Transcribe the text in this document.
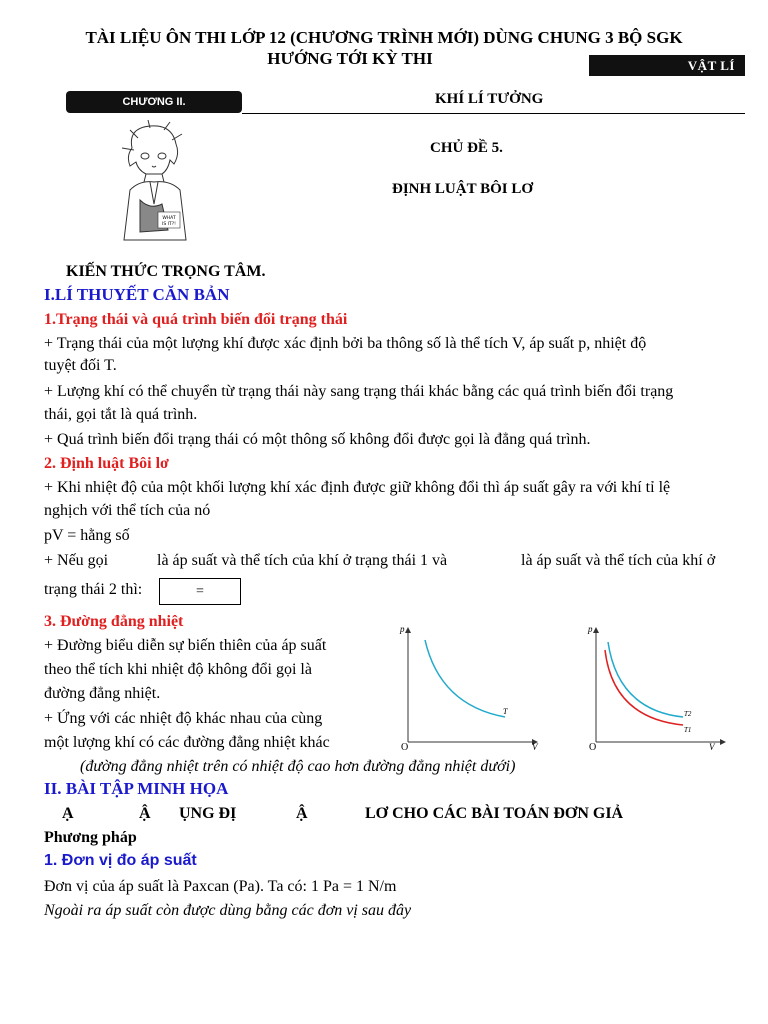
TÀI LIỆU ÔN THI LỚP 12 (CHƯƠNG TRÌNH MỚI) DÙNG CHUNG 3 BỘ SGK
HƯỚNG TỚI KỲ THI	VẬT LÍ
CHƯƠNG II.	KHÍ LÍ TƯỞNG
WHAT
IS IT?!
CHỦ ĐỀ 5.
ĐỊNH LUẬT BÔI LƠ
KIẾN THỨC TRỌNG TÂM.
I.LÍ THUYẾT CĂN BẢN
1.Trạng thái và quá trình biến đổi trạng thái
+ Trạng thái của một lượng khí được xác định bởi ba thông số là thể tích V, áp suất p, nhiệt độ
tuyệt đối T.
+ Lượng khí có thể chuyển từ trạng thái này sang trạng thái khác bằng các quá trình biến đổi trạng
thái, gọi tắt là quá trình.
+ Quá trình biến đổi trạng thái có một thông số không đổi được gọi là đẳng quá trình.
2. Định luật Bôi lơ
+ Khi nhiệt độ của một khối lượng khí xác định được giữ không đổi thì áp suất gây ra với khí tỉ lệ
nghịch với thể tích của nó
pV = hằng số
+ Nếu gọi	là áp suất và thể tích của khí ở trạng thái 1 và	là áp suất và thể tích của khí ở
trạng thái 2 thì:	=
3. Đường đẳng nhiệt
+ Đường biểu diễn sự biến thiên của áp suất
theo thể tích khi nhiệt độ không đổi gọi là
đường đẳng nhiệt.
+ Ứng với các nhiệt độ khác nhau của cùng
một lượng khí có các đường đẳng nhiệt khác
p
V
O
T
p
V
O
T2
T1
(đường đẳng nhiệt trên có nhiệt độ cao hơn đường đẳng nhiệt dưới)
II. BÀI TẬP MINH HỌA
Ạ	Ậ ỤNG ĐỊ	Ậ	LƠ CHO CÁC BÀI TOÁN ĐƠN GIẢ
Phương pháp
1. Đơn vị đo áp suất
Đơn vị của áp suất là Paxcan (Pa). Ta có: 1 Pa = 1 N/m
Ngoài ra áp suất còn được dùng bằng các đơn vị sau đây
